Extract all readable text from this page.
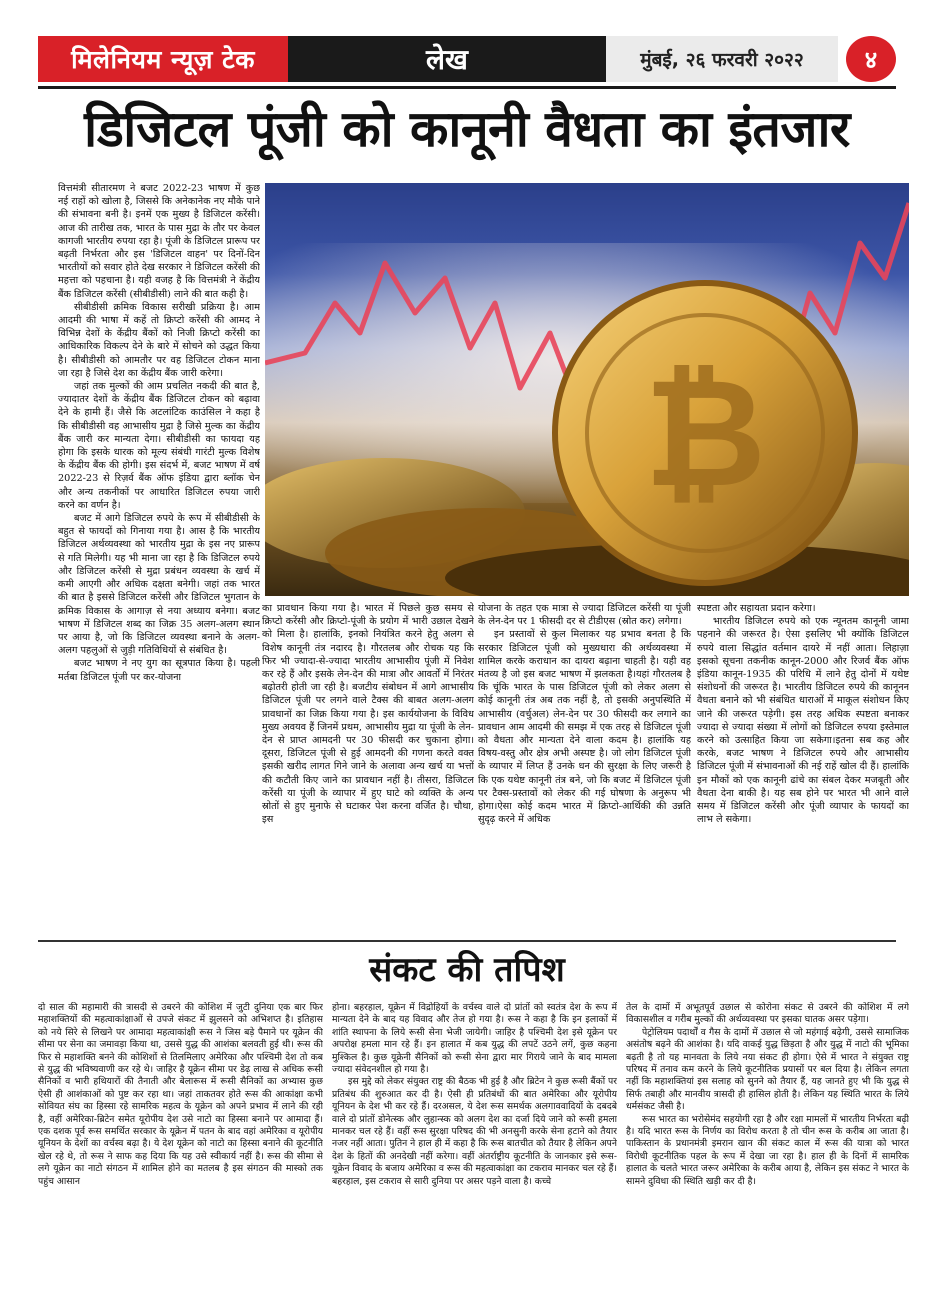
मिलेनियम न्यूज़ टेक	लेख	मुंबई, २६ फरवरी २०२२	४
डिजिटल पूंजी को कानूनी वैधता का इंतजार
₿

वित्तमंत्री सीतारमण ने बजट 2022-23 भाषण में कुछ नई राहों को खोला है, जिससे कि अनेकानेक नए मौके पाने की संभावना बनी है। इनमें एक मुख्य है डिजिटल करेंसी। आज की तारीख तक, भारत के पास मुद्रा के तौर पर केवल कागजी भारतीय रुपया रहा है। पूंजी के डिजिटल प्रारूप पर बढ़ती निर्भरता और इस 'डिजिटल वाहन' पर दिनों-दिन भारतीयों को सवार होते देख सरकार ने डिजिटल करेंसी की महत्ता को पहचाना है। यही वजह है कि वित्तमंत्री ने केंद्रीय बैंक डिजिटल करेंसी (सीबीडीसी) लाने की बात कही है।

सीबीडीसी क्रमिक विकास सरीखी प्रक्रिया है। आम आदमी की भाषा में कहें तो क्रिप्टो करेंसी की आमद ने विभिन्न देशों के केंद्रीय बैंकों को निजी क्रिप्टो करेंसी का आधिकारिक विकल्प देने के बारे में सोचने को उद्धत किया है। सीबीडीसी को आमतौर पर वह डिजिटल टोकन माना जा रहा है जिसे देश का केंद्रीय बैंक जारी करेगा।

जहां तक मुल्कों की आम प्रचलित नकदी की बात है, ज्यादातर देशों के केंद्रीय बैंक डिजिटल टोकन को बढ़ावा देने के हामी हैं। जैसे कि अटलांटिक काउंसिल ने कहा है कि सीबीडीसी वह आभासीय मुद्रा है जिसे मुल्क का केंद्रीय बैंक जारी कर मान्यता देगा। सीबीडीसी का फायदा यह होगा कि इसके धारक को मूल्य संबंधी गारंटी मुल्क विशेष के केंद्रीय बैंक की होगी। इस संदर्भ में, बजट भाषण में वर्ष 2022-23 से रिज़र्व बैंक ऑफ इंडिया द्वारा ब्लॉक चेन और अन्य तकनीकों पर आधारित डिजिटल रुपया जारी करने का वर्णन है।

बजट में आगे डिजिटल रुपये के रूप में सीबीडीसी के बहुत से फायदों को गिनाया गया है। आस है कि भारतीय डिजिटल अर्थव्यवस्था को भारतीय मुद्रा के इस नए प्रारूप से गति मिलेगी। यह भी माना जा रहा है कि डिजिटल रुपये और डिजिटल करेंसी से मुद्रा प्रबंधन व्यवस्था के खर्च में कमी आएगी और अधिक दक्षता बनेगी। जहां तक भारत की बात है इससे डिजिटल करेंसी और डिजिटल भुगतान के क्रमिक विकास के आगाज़ से नया अध्याय बनेगा। बजट भाषण में डिजिटल शब्द का जिक्र 35 अलग-अलग स्थान पर आया है, जो कि डिजिटल व्यवस्था बनाने के अलग-अलग पहलुओं से जुड़ी गतिविधियों से संबंधित है।

बजट भाषण ने नए युग का सूत्रपात किया है। पहली मर्तबा डिजिटल पूंजी पर कर-योजना

का प्रावधान किया गया है। भारत में पिछले कुछ समय से क्रिप्टो करेंसी और क्रिप्टो-पूंजी के प्रयोग में भारी उछाल देखने को मिला है। हालांकि, इनको नियंत्रित करने हेतु अलग से विशेष कानूनी तंत्र नदारद है। गौरतलब और रोचक यह कि फिर भी ज्यादा-से-ज्यादा भारतीय आभासीय पूंजी में निवेश कर रहे हैं और इसके लेन-देन की मात्रा और आवर्तों में निरंतर बढ़ोतरी होती जा रही है। बजटीय संबोधन में आगे आभासीय डिजिटल पूंजी पर लगने वाले टैक्स की बाबत अलग-अलग प्रावधानों का जिक्र किया गया है। इस कार्ययोजना के विविध मुख्य अवयव हैं जिनमें प्रथम, आभासीय मुद्रा या पूंजी के लेन-देन से प्राप्त आमदनी पर 30 फीसदी कर चुकाना होगा। दूसरा, डिजिटल पूंजी से हुई आमदनी की गणना करते वक्त इसकी खरीद लागत गिने जाने के अलावा अन्य खर्च या भत्तों की कटौती किए जाने का प्रावधान नहीं है। तीसरा, डिजिटल करेंसी या पूंजी के व्यापार में हुए घाटे को व्यक्ति के अन्य स्रोतों से हुए मुनाफे से घटाकर पेश करना वर्जित है। चौथा, इस

योजना के तहत एक मात्रा से ज्यादा डिजिटल करेंसी या पूंजी के लेन-देन पर 1 फीसदी दर से टीडीएस (स्रोत कर) लगेगा।

इन प्रस्तावों से कुल मिलाकर यह प्रभाव बनता है कि सरकार डिजिटल पूंजी को मुख्यधारा की अर्थव्यवस्था में शामिल करके कराधान का दायरा बढ़ाना चाहती है। यही वह मंतव्य है जो इस बजट भाषण में झलकता है।यहां गौरतलब है कि चूंकि भारत के पास डिजिटल पूंजी को लेकर अलग से कोई कानूनी तंत्र अब तक नहीं है, तो इसकी अनुपस्थिति में आभासीय (वर्चुअल) लेन-देन पर 30 फीसदी कर लगाने का प्रावधान आम आदमी की समझ में एक तरह से डिजिटल पूंजी को वैधता और मान्यता देने वाला कदम है। हालांकि यह विषय-वस्तु और क्षेत्र अभी अस्पष्ट है। जो लोग डिजिटल पूंजी के व्यापार में लिप्त हैं उनके धन की सुरक्षा के लिए जरूरी है कि एक यथेष्ट कानूनी तंत्र बने, जो कि बजट में डिजिटल पूंजी पर टैक्स-प्रस्तावों को लेकर की गई घोषणा के अनुरूप भी होगा।ऐसा कोई कदम भारत में क्रिप्टो-आर्थिकी की उन्नति सुदृढ़ करने में अधिक

स्पष्टता और सहायता प्रदान करेगा।

भारतीय डिजिटल रुपये को एक न्यूनतम कानूनी जामा पहनाने की जरूरत है। ऐसा इसलिए भी क्योंकि डिजिटल रुपये वाला सिद्धांत वर्तमान दायरे में नहीं आता। लिहाज़ा इसको सूचना तकनीक कानून-2000 और रिजर्व बैंक ऑफ इंडिया कानून-1935 की परिधि में लाने हेतु दोनों में यथेष्ट संशोधनों की जरूरत है। भारतीय डिजिटल रुपये की कानूनन वैधता बनाने को भी संबंधित धाराओं में माकूल संशोधन किए जाने की जरूरत पड़ेगी। इस तरह अधिक स्पष्टता बनाकर ज्यादा से ज्यादा संख्या में लोगों को डिजिटल रुपया इस्तेमाल करने को उत्साहित किया जा सकेगा।इतना सब कह और करके, बजट भाषण ने डिजिटल रुपये और आभासीय डिजिटल पूंजी में संभावनाओं की नई राहें खोल दी हैं। हालांकि इन मौकों को एक कानूनी ढांचे का संबल देकर मजबूती और वैधता देना बाकी है। यह सब होने पर भारत भी आने वाले समय में डिजिटल करेंसी और पूंजी व्यापार के फायदों का लाभ ले सकेगा।

संकट की तपिश

दो साल की महामारी की त्रासदी से उबरने की कोशिश में जुटी दुनिया एक बार फिर महाशक्तियों की महत्वाकांक्षाओं से उपजे संकट में झुलसने को अभिशप्त है। इतिहास को नये सिरे से लिखने पर आमादा महत्वाकांक्षी रूस ने जिस बड़े पैमाने पर यूक्रेन की सीमा पर सेना का जमावड़ा किया था, उससे युद्ध की आशंका बलवती हुई थी। रूस की फिर से महाशक्ति बनने की कोशिशों से तिलमिलाए अमेरिका और पश्चिमी देश तो कब से युद्ध की भविष्यवाणी कर रहे थे। जाहिर है यूक्रेन सीमा पर डेढ़ लाख से अधिक रूसी सैनिकों व भारी हथियारों की तैनाती और बेलारूस में रूसी सैनिकों का अभ्यास कुछ ऐसी ही आशंकाओं को पुष्ट कर रहा था। जहां ताकतवर होते रूस की आकांक्षा कभी सोवियत संघ का हिस्सा रहे सामरिक महत्व के यूक्रेन को अपने प्रभाव में लाने की रही है, वहीं अमेरिका-ब्रिटेन समेत यूरोपीय देश उसे नाटो का हिस्सा बनाने पर आमादा हैं। एक दशक पूर्व रूस समर्थित सरकार के यूक्रेन में पतन के बाद वहां अमेरिका व यूरोपीय यूनियन के देशों का वर्चस्व बढ़ा है। ये देश यूक्रेन को नाटो का हिस्सा बनाने की कूटनीति खेल रहे थे, तो रूस ने साफ कह दिया कि यह उसे स्वीकार्य नहीं है। रूस की सीमा से लगे यूक्रेन का नाटो संगठन में शामिल होने का मतलब है इस संगठन की मास्को तक पहुंच आसान

होना। बहरहाल, यूक्रेन में विद्रोहियों के वर्चस्व वाले दो प्रांतों को स्वतंत्र देश के रूप में मान्यता देने के बाद यह विवाद और तेज हो गया है। रूस ने कहा है कि इन इलाकों में शांति स्थापना के लिये रूसी सेना भेजी जायेगी। जाहिर है पश्चिमी देश इसे यूक्रेन पर अपरोक्ष हमला मान रहे हैं। इन हालात में कब युद्ध की लपटें उठने लगें, कुछ कहना मुश्किल है। कुछ यूक्रेनी सैनिकों को रूसी सेना द्वारा मार गिराये जाने के बाद मामला ज्यादा संवेदनशील हो गया है।

इस मुद्दे को लेकर संयुक्त राष्ट्र की बैठक भी हुई है और ब्रिटेन ने कुछ रूसी बैंकों पर प्रतिबंध की शुरुआत कर दी है। ऐसी ही प्रतिबंधों की बात अमेरिका और यूरोपीय यूनियन के देश भी कर रहे हैं। दरअसल, ये देश रूस समर्थक अलगाववादियों के दबदबे वाले दो प्रांतों डोनेत्स्क और लुहान्स्क को अलग देश का दर्जा दिये जाने को रूसी हमला मानकर चल रहे हैं। वहीं रूस सुरक्षा परिषद की भी अनसुनी करके सेना हटाने को तैयार नजर नहीं आता। पुतिन ने हाल ही में कहा है कि रूस बातचीत को तैयार है लेकिन अपने देश के हितों की अनदेखी नहीं करेगा। वहीं अंतर्राष्ट्रीय कूटनीति के जानकार इसे रूस-यूक्रेन विवाद के बजाय अमेरिका व रूस की महत्वाकांक्षा का टकराव मानकर चल रहे हैं। बहरहाल, इस टकराव से सारी दुनिया पर असर पड़ने वाला है। कच्चे

तेल के दामों में अभूतपूर्व उछाल से कोरोना संकट से उबरने की कोशिश में लगे विकासशील व गरीब मुल्कों की अर्थव्यवस्था पर इसका घातक असर पड़ेगा।

पेट्रोलियम पदार्थों व गैस के दामों में उछाल से जो महंगाई बढ़ेगी, उससे सामाजिक असंतोष बढ़ने की आशंका है। यदि वाकई युद्ध छिड़ता है और युद्ध में नाटो की भूमिका बढ़ती है तो यह मानवता के लिये नया संकट ही होगा। ऐसे में भारत ने संयुक्त राष्ट्र परिषद में तनाव कम करने के लिये कूटनीतिक प्रयासों पर बल दिया है। लेकिन लगता नहीं कि महाशक्तियां इस सलाह को सुनने को तैयार हैं, यह जानते हुए भी कि युद्ध से सिर्फ तबाही और मानवीय त्रासदी ही हासिल होती है। लेकिन यह स्थिति भारत के लिये धर्मसंकट जैसी है।

रूस भारत का भरोसेमंद सहयोगी रहा है और रक्षा मामलों में भारतीय निर्भरता बढ़ी है। यदि भारत रूस के निर्णय का विरोध करता है तो चीन रूस के करीब आ जाता है। पाकिस्तान के प्रधानमंत्री इमरान खान की संकट काल में रूस की यात्रा को भारत विरोधी कूटनीतिक पहल के रूप में देखा जा रहा है। हाल ही के दिनों में सामरिक हालात के चलते भारत जरूर अमेरिका के करीब आया है, लेकिन इस संकट ने भारत के सामने दुविधा की स्थिति खड़ी कर दी है।
